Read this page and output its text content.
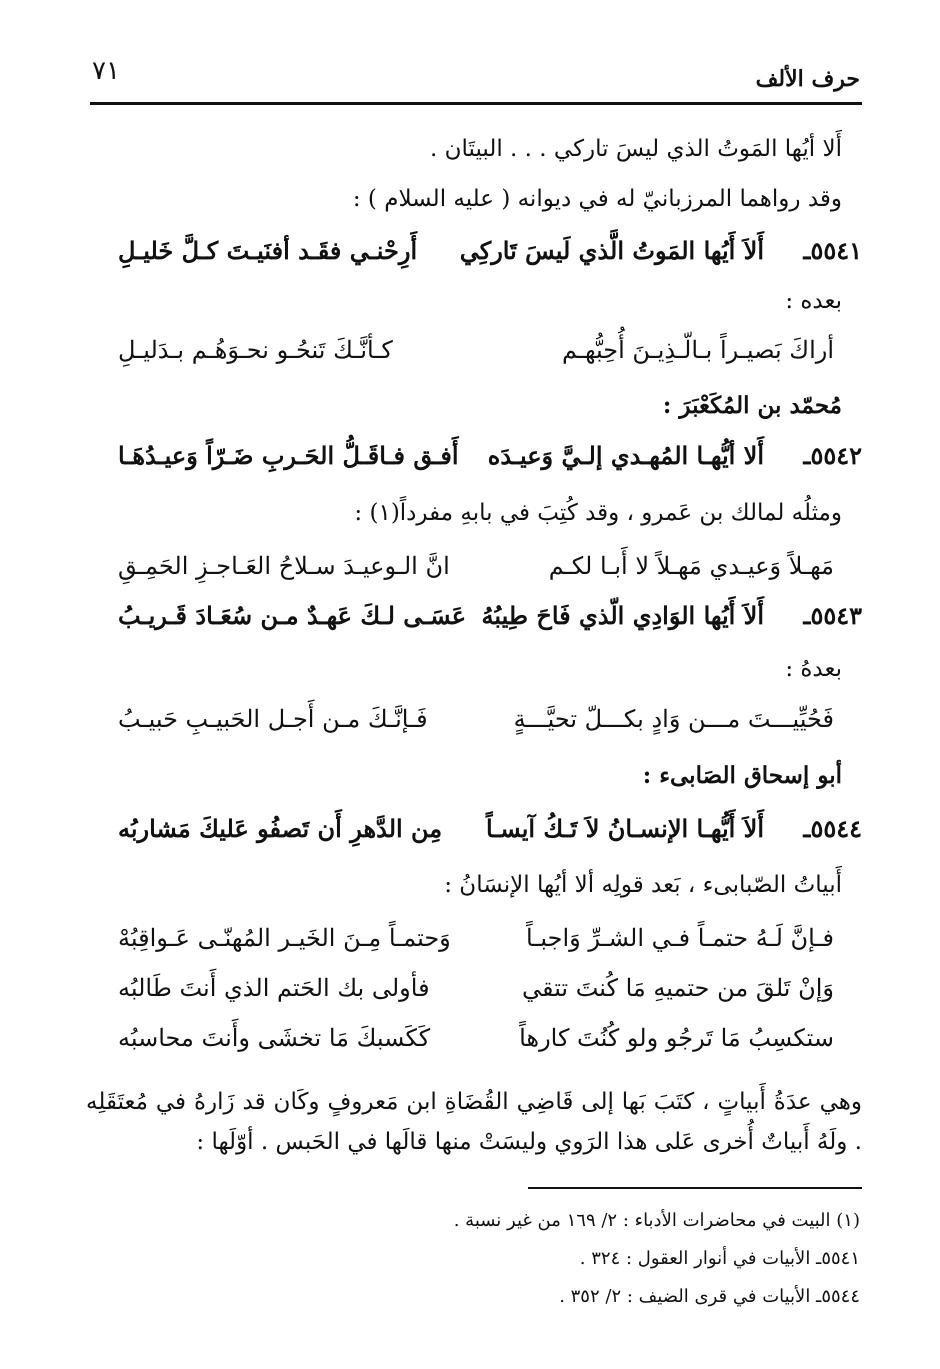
حرف الألف
٧١
أَلا أيُها المَوتُ الذي ليسَ تاركي . . . البيتَان .
وقد رواهما المرزبانيّ له في ديوانه ( عليه السلام ) :
٥٥٤١ـ
أَلاَ أَيُها المَوتُ الَّذي لَيسَ تَاركِي
أَرِحْنـي فقَـد أفنَيـتَ كـلَّ خَليـلِ
بعده :
أراكَ بَصيـراً بـالّـذِيـنَ أُحِبُّهـم
كـأنَّـكَ تَنحُـو نحـوَهُـم بـدَليـلِ
مُحمّد بن المُكَعْبَرَ :
٥٥٤٢ـ
أَلا أيُّهـا المُهـدي إلـيَّ وَعيـدَه
أَفـق فـاقَـلُّ الحَـربِ ضَـرّاً وَعيـدُهَـا
ومثلُه لمالك بن عَمرو ، وقد كُتِبَ في بابهِ مفرداً(١) :
مَهـلاً وَعيـدي مَهـلاً لا أَبـا لكـم
انَّ الـوعيـدَ سـلاحُ العَـاجـزِ الحَمِـقِ
٥٥٤٣ـ
أَلاَ أَيُها الوَادِي الّذي فَاحَ طِيبُهُ
عَسَـى لـكَ عَهـدٌ مـن سُعَـادَ قَـريـبُ
بعدهُ :
فَحُيِّيـــتَ مـــن وَادٍ بكـــلّ تحيَّـــةٍ
فَـإنَّـكَ مـن أَجـل الحَبيـبِ حَبيـبُ
أبو إسحاق الصَابىء :
٥٥٤٤ـ
أَلاَ أَيُّهـا الإنسـانُ لاَ تَـكُ آيسـاً
مِن الدَّهرِ أَن تَصفُو عَليكَ مَشاربُه
أَبياتُ الصّبابىء ، بَعد قولِه ألا أيُها الإنسَانُ :
فـإنَّ لَـهُ حتمـاً فـي الشـرِّ وَاجبـاً
وَحتمـاً مِـنَ الخَيـر المُهنّـى عَـواقِبُهْ
وَإنْ تَلقَ من حتميهِ مَا كُنتَ تتقي
فأولى بك الحَتم الذي أَنتَ طَالبُه
ستكسِبُ مَا تَرجُو ولو كُنُتَ كارهاً
كَكَسبكَ مَا تخشَى وأَنتَ محاسبُه
وهي عدَةُ أَبياتٍ ، كتَبَ بَها إلى قَاضِي القُضَاةِ ابن مَعروفٍ وكَان قد زَارهُ في مُعتَقَلِه . ولَهُ أَبياتٌ أُخرى عَلى هذا الرَوي وليسَتْ منها قالَها في الحَبس . أوّلَها :
(١) البيت في محاضرات الأدباء : ٢/ ١٦٩ من غير نسبة .
٥٥٤١ـ الأبيات في أنوار العقول : ٣٢٤ .
٥٥٤٤ـ الأبيات في قرى الضيف : ٢/ ٣٥٢ .
